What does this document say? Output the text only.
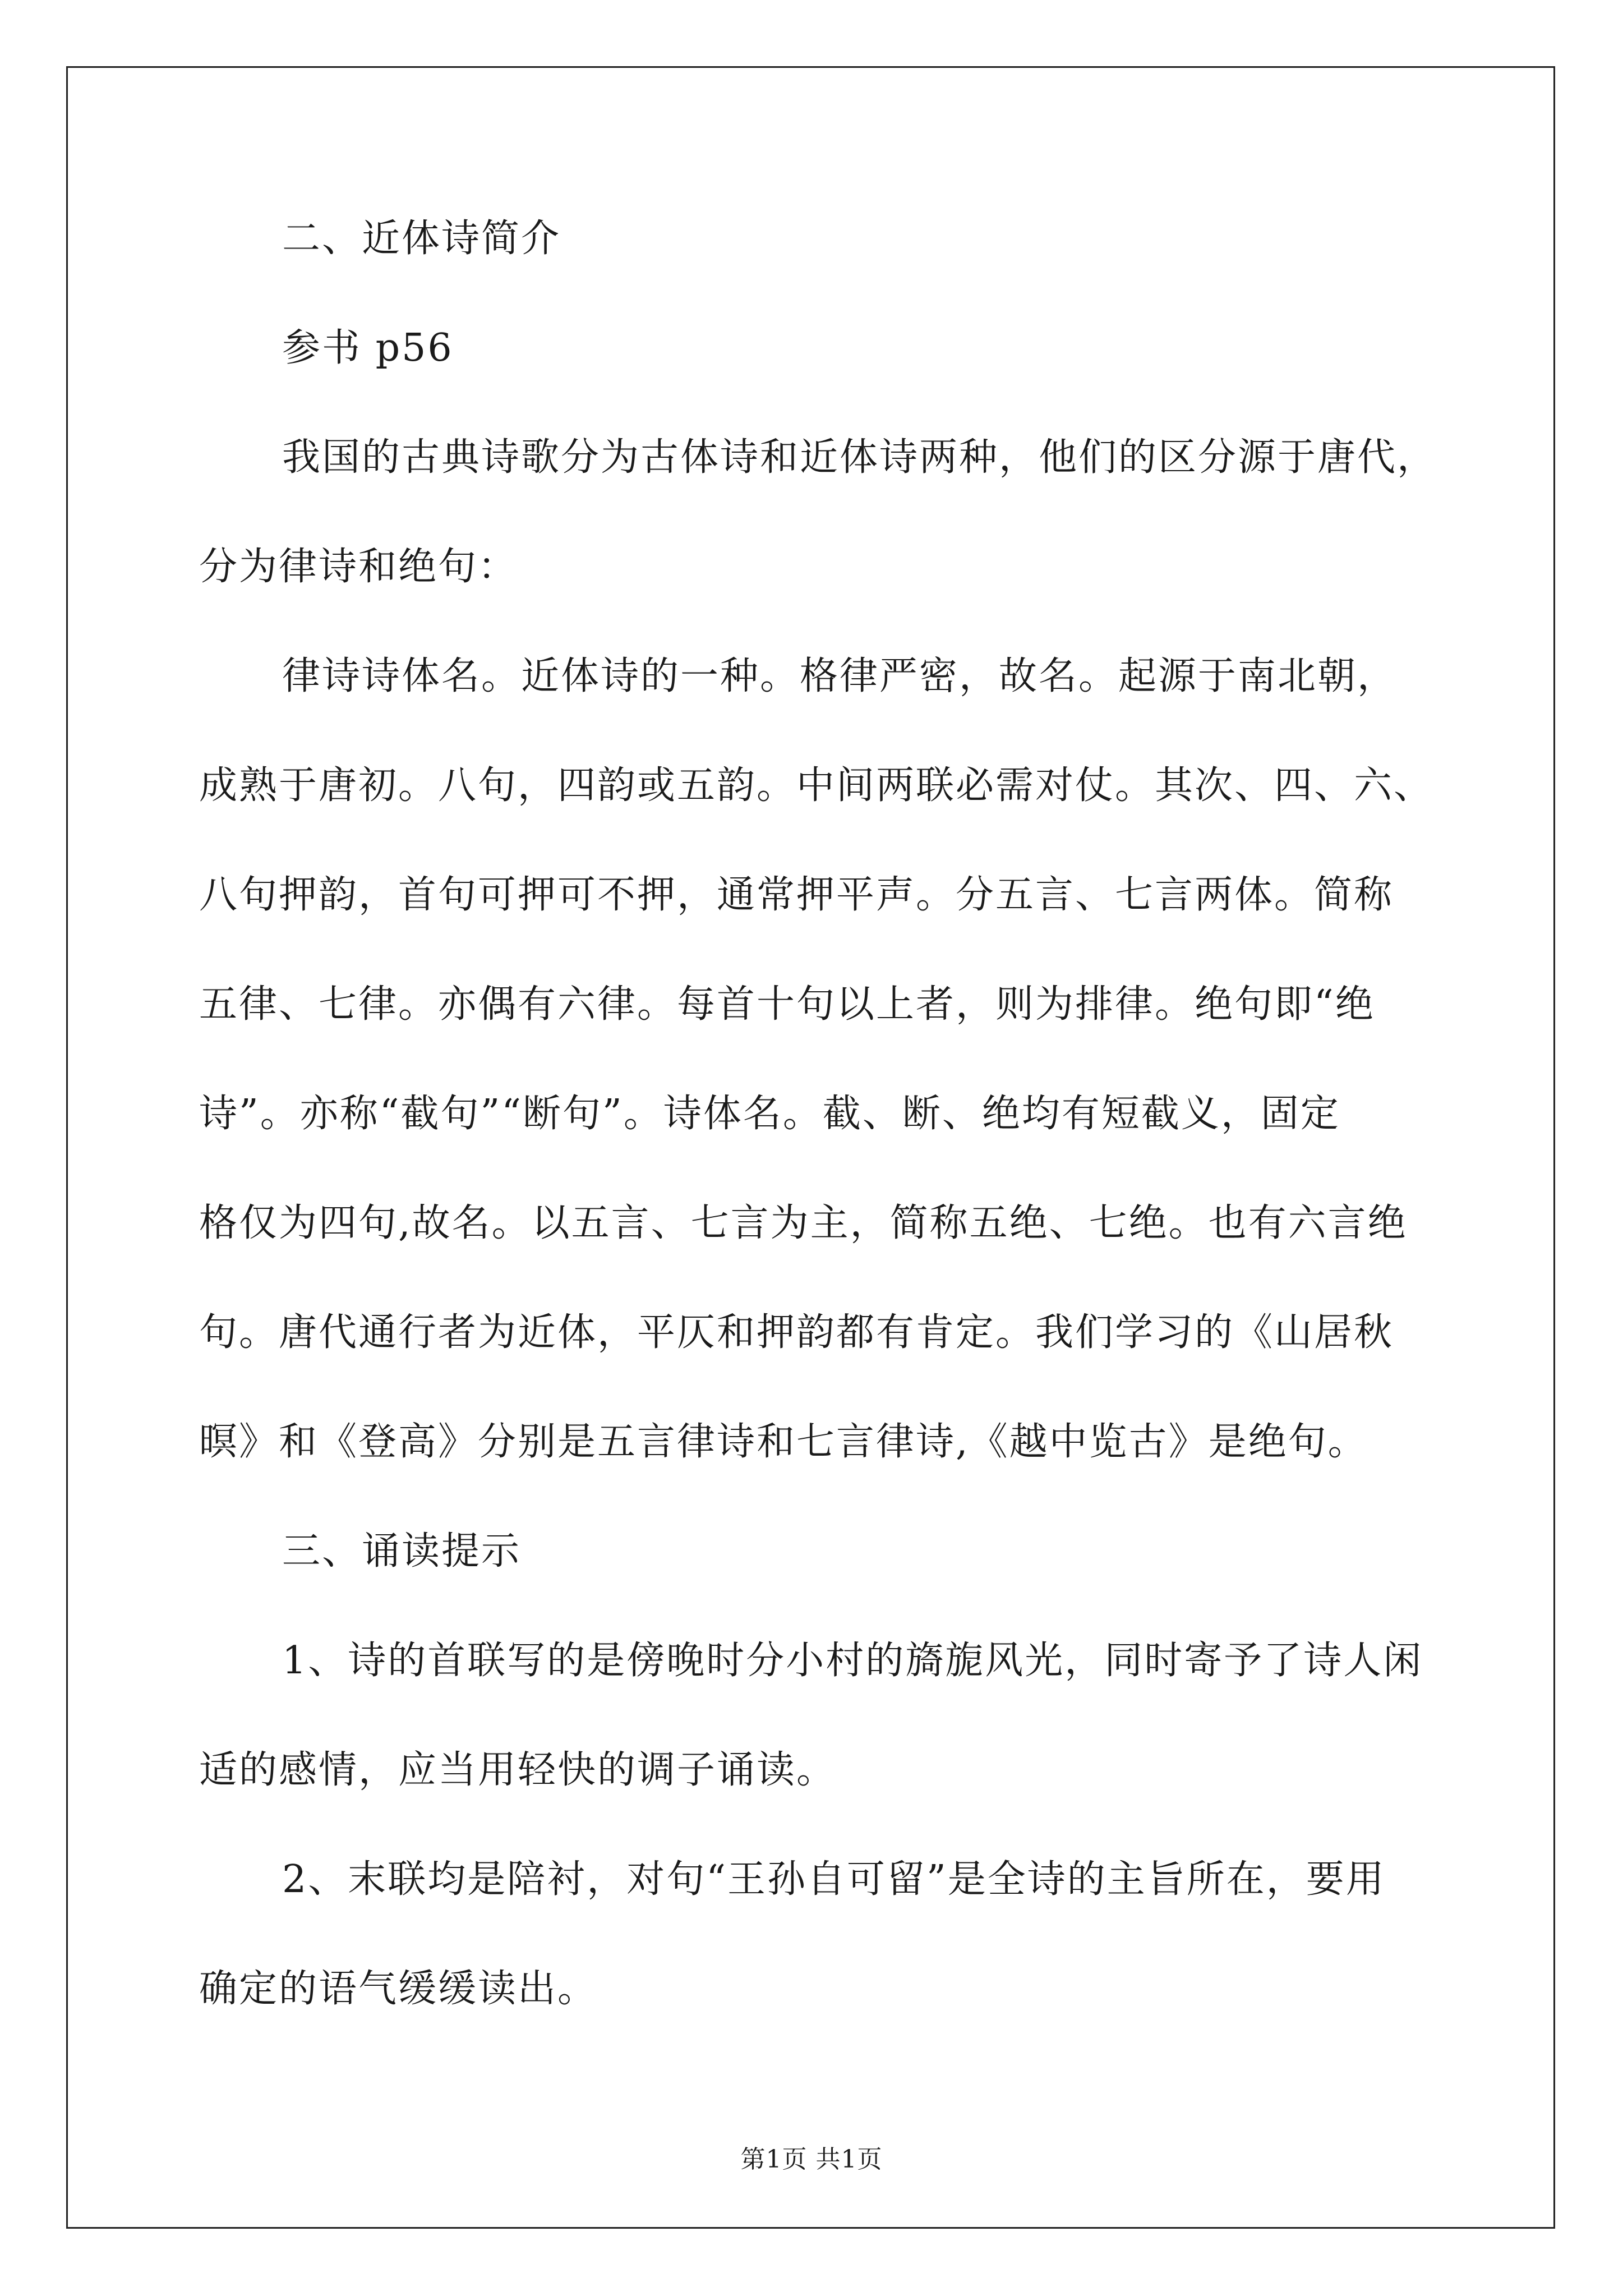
二、近体诗简介
参书 p56
我国的古典诗歌分为古体诗和近体诗两种，他们的区分源于唐代，
分为律诗和绝句：
律诗诗体名。近体诗的一种。格律严密，故名。起源于南北朝，
成熟于唐初。八句，四韵或五韵。中间两联必需对仗。其次、四、六、
八句押韵，首句可押可不押，通常押平声。分五言、七言两体。简称
五律、七律。亦偶有六律。每首十句以上者，则为排律。绝句即“绝
诗”。亦称“截句”“断句”。诗体名。截、断、绝均有短截义，固定
格仅为四句,故名。以五言、七言为主，简称五绝、七绝。也有六言绝
句。唐代通行者为近体，平仄和押韵都有肯定。我们学习的《山居秋
暝》和《登高》分别是五言律诗和七言律诗,《越中览古》是绝句。
三、诵读提示
1、诗的首联写的是傍晚时分小村的旖旎风光，同时寄予了诗人闲
适的感情，应当用轻快的调子诵读。
2、末联均是陪衬，对句“王孙自可留”是全诗的主旨所在，要用
确定的语气缓缓读出。
第1页 共1页
